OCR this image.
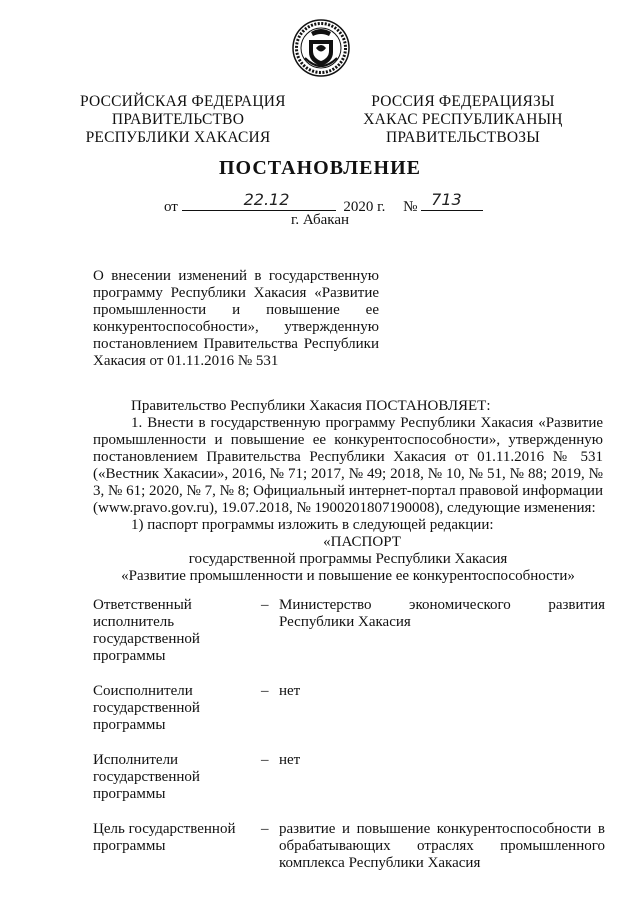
РОССИЙСКАЯ ФЕДЕРАЦИЯ
ПРАВИТЕЛЬСТВО
РЕСПУБЛИКИ ХАКАСИЯ
РОССИЯ ФЕДЕРАЦИЯЗЫ
ХАКАС РЕСПУБЛИКАНЫҢ
ПРАВИТЕЛЬСТВОЗЫ
ПОСТАНОВЛЕНИЕ
от	22.12	2020 г. № 713
г. Абакан
О внесении изменений в государственную программу Республики Хакасия «Развитие промышленности и повышение ее конкурентоспособности», утвержденную постановлением Правительства Республики Хакасия от 01.11.2016 № 531

Правительство Республики Хакасия ПОСТАНОВЛЯЕТ:

1. Внести в государственную программу Республики Хакасия «Развитие промышленности и повышение ее конкурентоспособности», утвержденную постановлением Правительства Республики Хакасия от 01.11.2016 № 531 («Вестник Хакасии», 2016, № 71; 2017, № 49; 2018, № 10, № 51, № 88; 2019, № 3, № 61; 2020, № 7, № 8; Официальный интернет-портал правовой информации (www.pravo.gov.ru), 19.07.2018, № 1900201807190008), следующие изменения:

1) паспорт программы изложить в следующей редакции:

«ПАСПОРТ

государственной программы Республики Хакасия

«Развитие промышленности и повышение ее конкурентоспособности»

Ответственный исполнитель государственной программы
– Министерство экономического развития Республики Хакасия
Соисполнители государственной программы
– нет
Исполнители государственной программы
– нет
Цель государственной программы
– развитие и повышение конкурентоспособности в обрабатывающих отраслях промышленного комплекса Республики Хакасия
